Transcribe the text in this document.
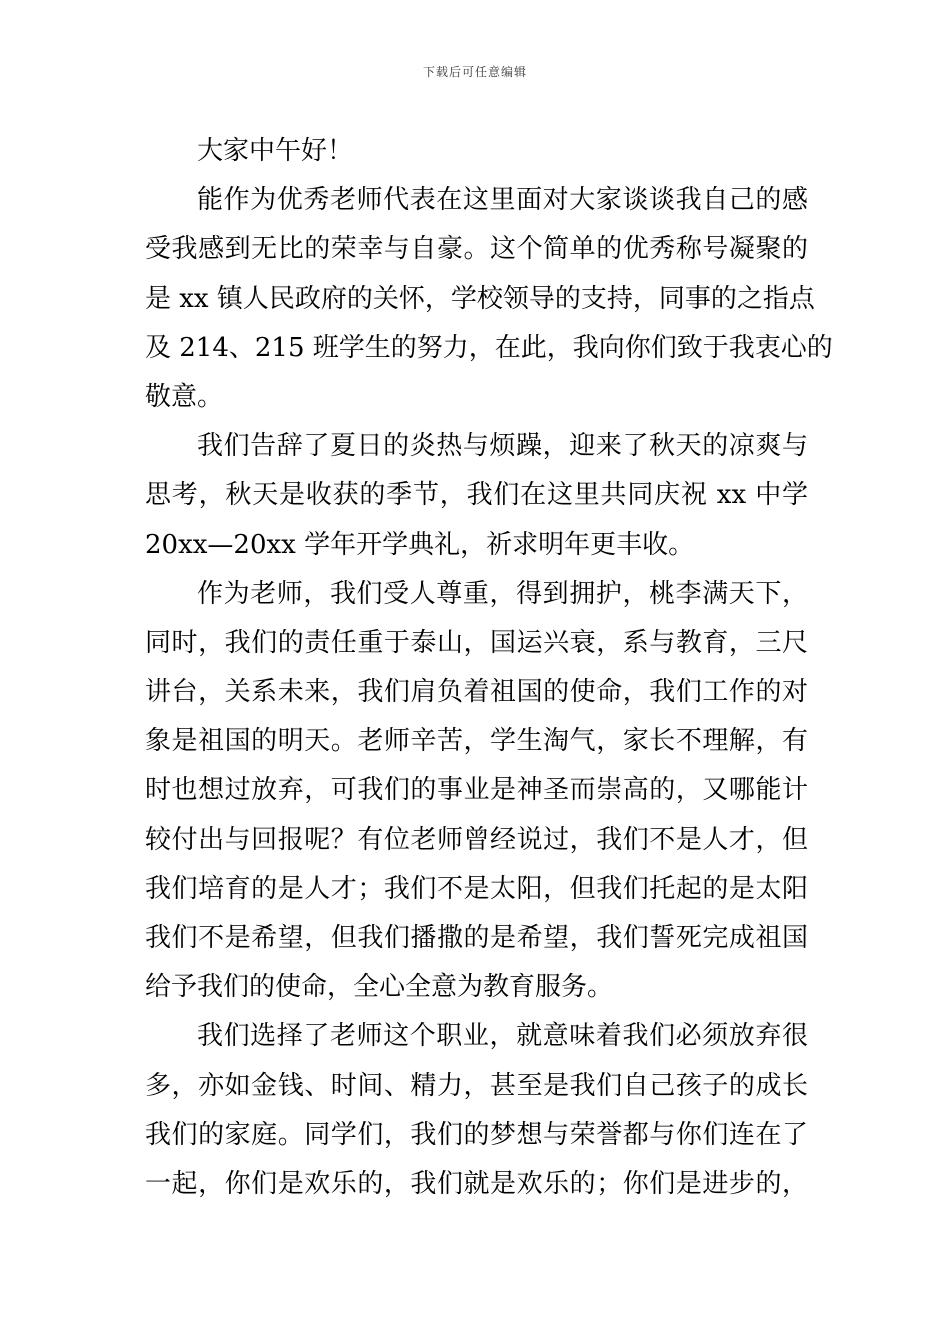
下载后可任意编辑
大家中午好！
能作为优秀老师代表在这里面对大家谈谈我自己的感
受我感到无比的荣幸与自豪。这个简单的优秀称号凝聚的
是 xx 镇人民政府的关怀，学校领导的支持，同事的之指点
及 214、215 班学生的努力，在此，我向你们致于我衷心的
敬意。
我们告辞了夏日的炎热与烦躁，迎来了秋天的凉爽与
思考，秋天是收获的季节，我们在这里共同庆祝 xx 中学
20xx—20xx 学年开学典礼，祈求明年更丰收。
作为老师，我们受人尊重，得到拥护，桃李满天下，
同时，我们的责任重于泰山，国运兴衰，系与教育，三尺
讲台，关系未来，我们肩负着祖国的使命，我们工作的对
象是祖国的明天。老师辛苦，学生淘气，家长不理解，有
时也想过放弃，可我们的事业是神圣而崇高的，又哪能计
较付出与回报呢？有位老师曾经说过，我们不是人才，但
我们培育的是人才；我们不是太阳，但我们托起的是太阳
我们不是希望，但我们播撒的是希望，我们誓死完成祖国
给予我们的使命，全心全意为教育服务。
我们选择了老师这个职业，就意味着我们必须放弃很
多，亦如金钱、时间、精力，甚至是我们自己孩子的成长
我们的家庭。同学们，我们的梦想与荣誉都与你们连在了
一起，你们是欢乐的，我们就是欢乐的；你们是进步的，
